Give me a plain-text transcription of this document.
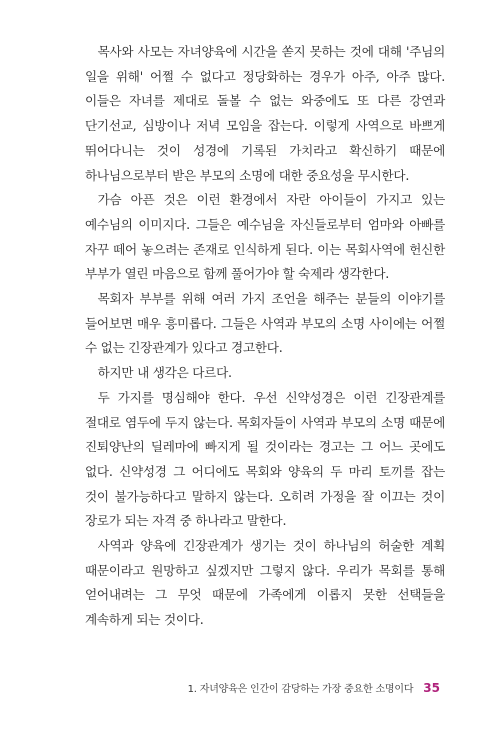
목사와 사모는 자녀양육에 시간을 쏟지 못하는 것에 대해 '주님의 일을 위해' 어쩔 수 없다고 정당화하는 경우가 아주, 아주 많다. 이들은 자녀를 제대로 돌볼 수 없는 와중에도 또 다른 강연과 단기선교, 심방이나 저녁 모임을 잡는다. 이렇게 사역으로 바쁘게 뛰어다니는 것이 성경에 기록된 가치라고 확신하기 때문에 하나님으로부터 받은 부모의 소명에 대한 중요성을 무시한다.

가슴 아픈 것은 이런 환경에서 자란 아이들이 가지고 있는 예수님의 이미지다. 그들은 예수님을 자신들로부터 엄마와 아빠를 자꾸 떼어 놓으려는 존재로 인식하게 된다. 이는 목회사역에 헌신한 부부가 열린 마음으로 함께 풀어가야 할 숙제라 생각한다.

목회자 부부를 위해 여러 가지 조언을 해주는 분들의 이야기를 들어보면 매우 흥미롭다. 그들은 사역과 부모의 소명 사이에는 어쩔 수 없는 긴장관계가 있다고 경고한다.

하지만 내 생각은 다르다.

두 가지를 명심해야 한다. 우선 신약성경은 이런 긴장관계를 절대로 염두에 두지 않는다. 목회자들이 사역과 부모의 소명 때문에 진퇴양난의 딜레마에 빠지게 될 것이라는 경고는 그 어느 곳에도 없다. 신약성경 그 어디에도 목회와 양육의 두 마리 토끼를 잡는 것이 불가능하다고 말하지 않는다. 오히려 가정을 잘 이끄는 것이 장로가 되는 자격 중 하나라고 말한다.

사역과 양육에 긴장관계가 생기는 것이 하나님의 허술한 계획 때문이라고 원망하고 싶겠지만 그렇지 않다. 우리가 목회를 통해 얻어내려는 그 무엇 때문에 가족에게 이롭지 못한 선택들을 계속하게 되는 것이다.

1. 자녀양육은 인간이 감당하는 가장 중요한 소명이다 35
